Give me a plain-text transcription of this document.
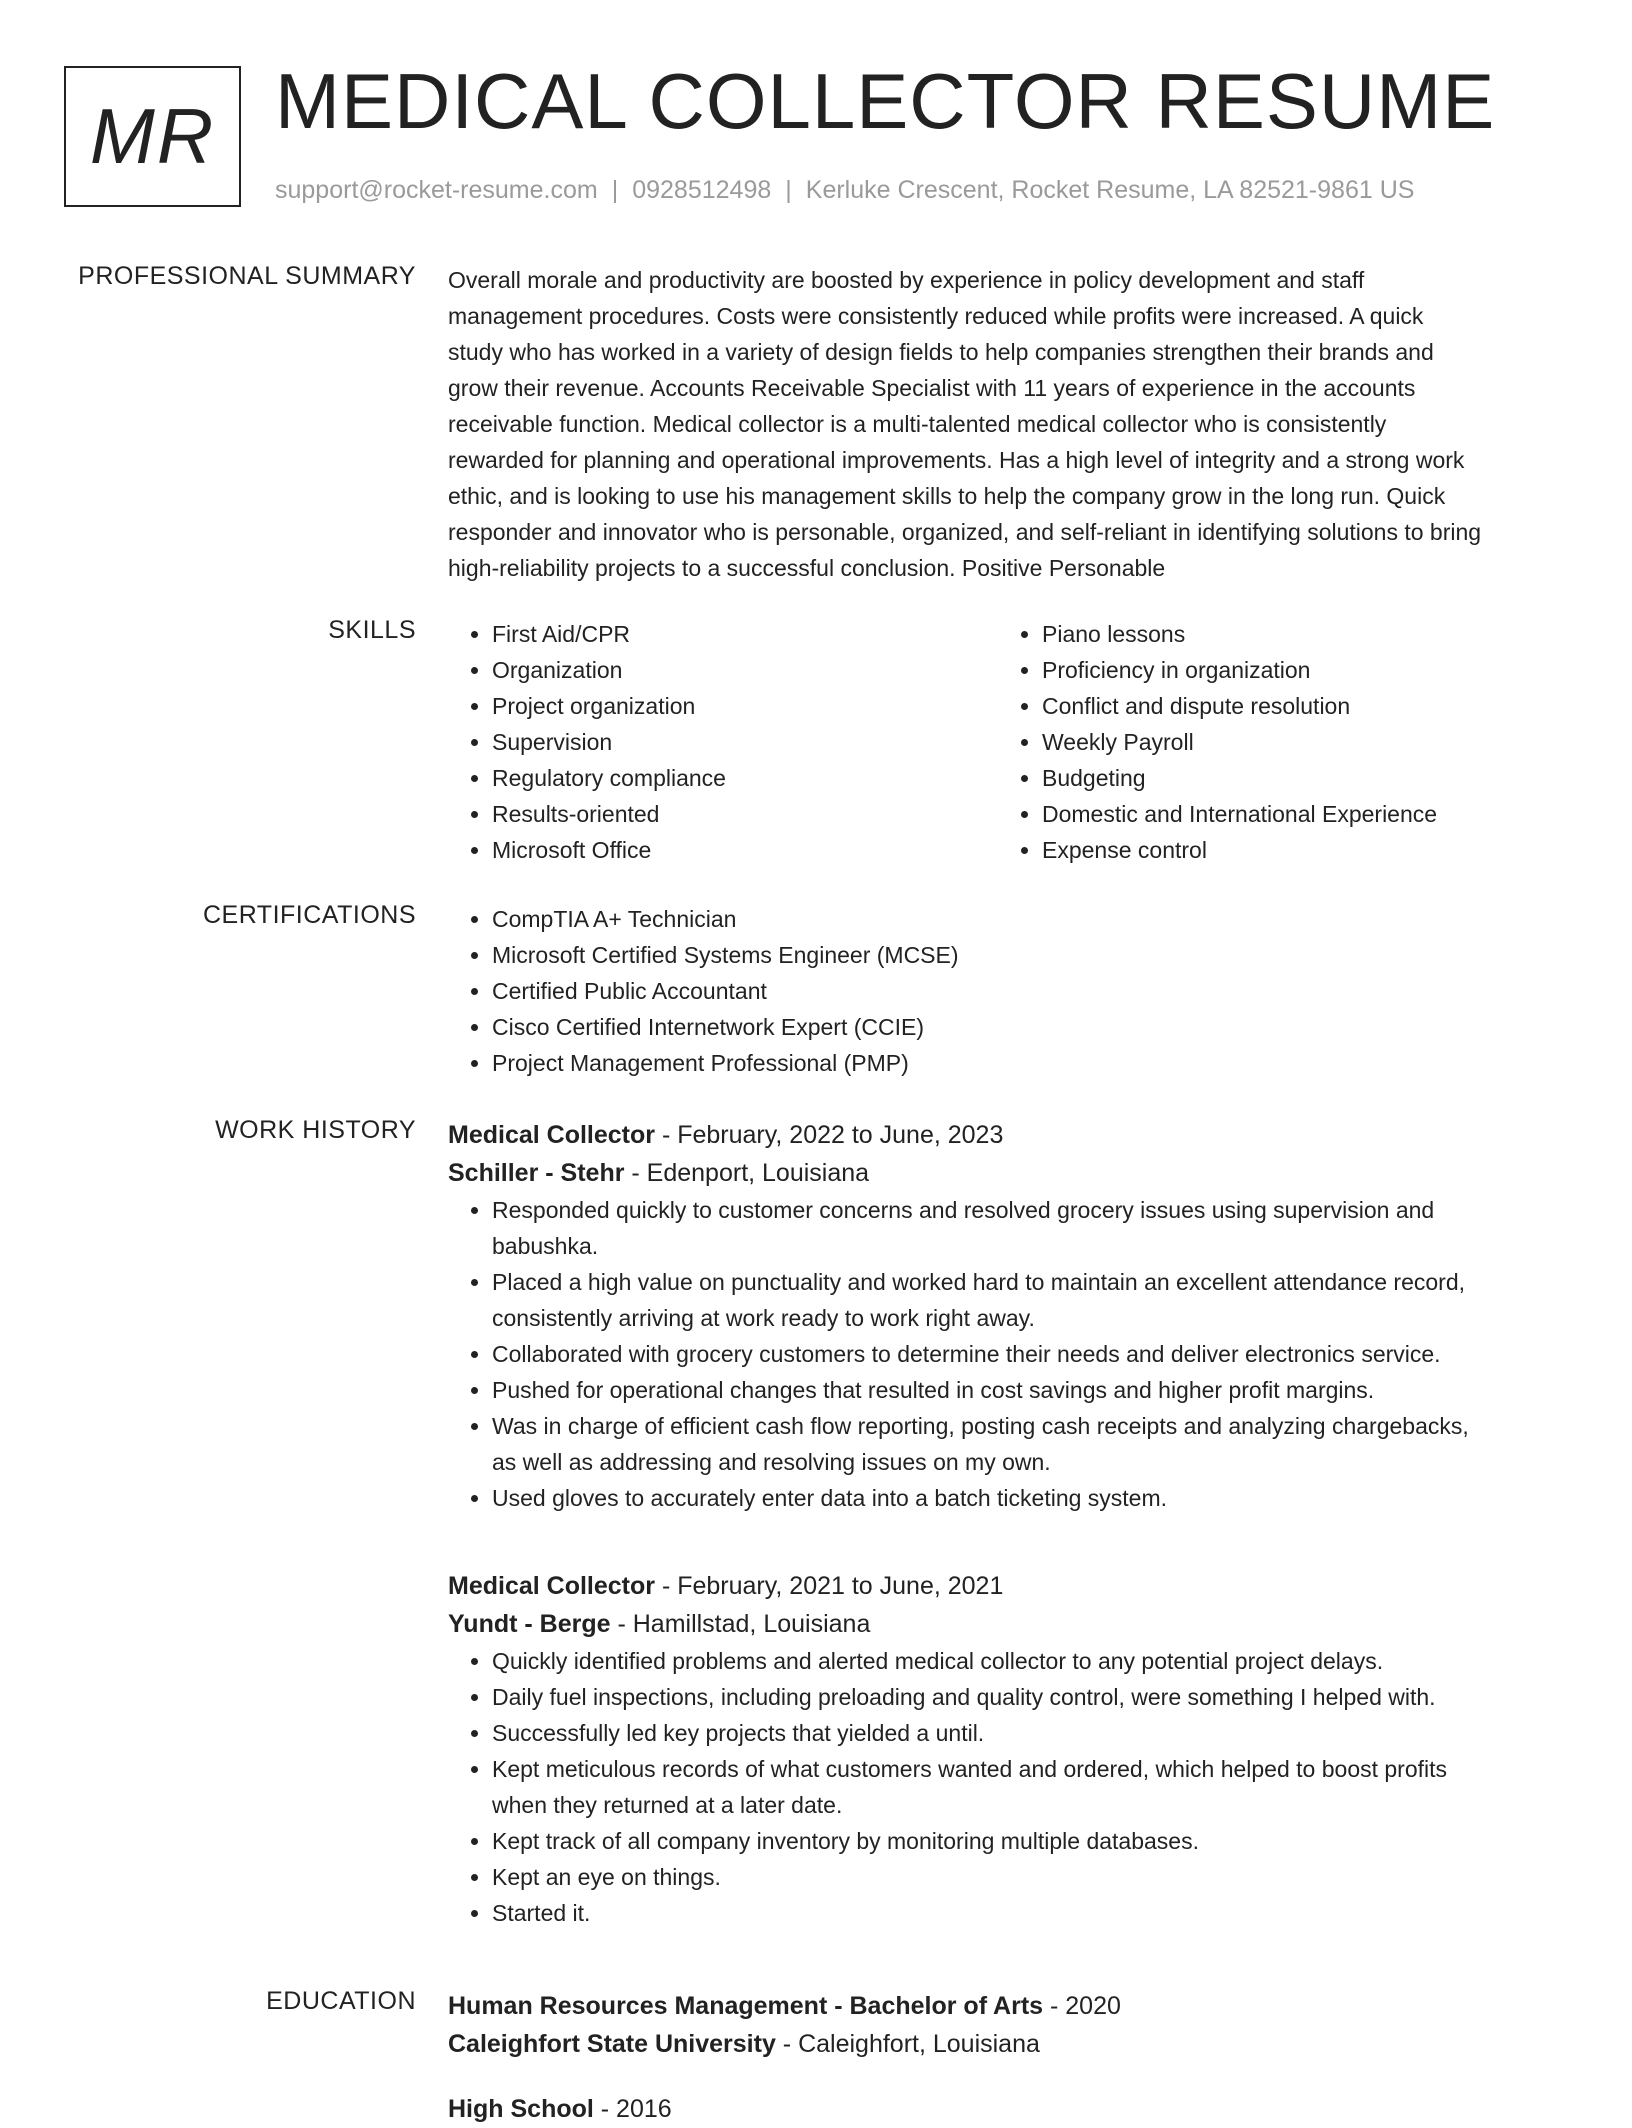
MR MEDICAL COLLECTOR RESUME
support@rocket-resume.com | 0928512498 | Kerluke Crescent, Rocket Resume, LA 82521-9861 US
PROFESSIONAL SUMMARY Overall morale and productivity are boosted by experience in policy development and staff
management procedures. Costs were consistently reduced while profits were increased. A quick
study who has worked in a variety of design fields to help companies strengthen their brands and
grow their revenue. Accounts Receivable Specialist with 11 years of experience in the accounts
receivable function. Medical collector is a multi-talented medical collector who is consistently
rewarded for planning and operational improvements. Has a high level of integrity and a strong work
ethic, and is looking to use his management skills to help the company grow in the long run. Quick
responder and innovator who is personable, organized, and self-reliant in identifying solutions to bring
high-reliability projects to a successful conclusion. Positive Personable

SKILLS	• First Aid/CPR
• Organization
• Project organization
• Supervision
• Regulatory compliance
• Results-oriented
• Microsoft Office
• Piano lessons
• Proficiency in organization
• Conflict and dispute resolution
• Weekly Payroll
• Budgeting
• Domestic and International Experience
• Expense control
CERTIFICATIONS	• CompTIA A+ Technician
• Microsoft Certified Systems Engineer (MCSE)
• Certified Public Accountant
• Cisco Certified Internetwork Expert (CCIE)
• Project Management Professional (PMP)
WORK HISTORY Medical Collector - February, 2022 to June, 2023
Schiller - Stehr - Edenport, Louisiana
• Responded quickly to customer concerns and resolved grocery issues using supervision and
babushka.
• Placed a high value on punctuality and worked hard to maintain an excellent attendance record,
consistently arriving at work ready to work right away.
• Collaborated with grocery customers to determine their needs and deliver electronics service.
• Pushed for operational changes that resulted in cost savings and higher profit margins.
• Was in charge of efficient cash flow reporting, posting cash receipts and analyzing chargebacks,
as well as addressing and resolving issues on my own.
• Used gloves to accurately enter data into a batch ticketing system.
Medical Collector - February, 2021 to June, 2021
Yundt - Berge - Hamillstad, Louisiana
• Quickly identified problems and alerted medical collector to any potential project delays.
• Daily fuel inspections, including preloading and quality control, were something I helped with.
• Successfully led key projects that yielded a until.
• Kept meticulous records of what customers wanted and ordered, which helped to boost profits
when they returned at a later date.
• Kept track of all company inventory by monitoring multiple databases.
• Kept an eye on things.
• Started it.
EDUCATION Human Resources Management - Bachelor of Arts - 2020
Caleighfort State University - Caleighfort, Louisiana
High School - 2016
